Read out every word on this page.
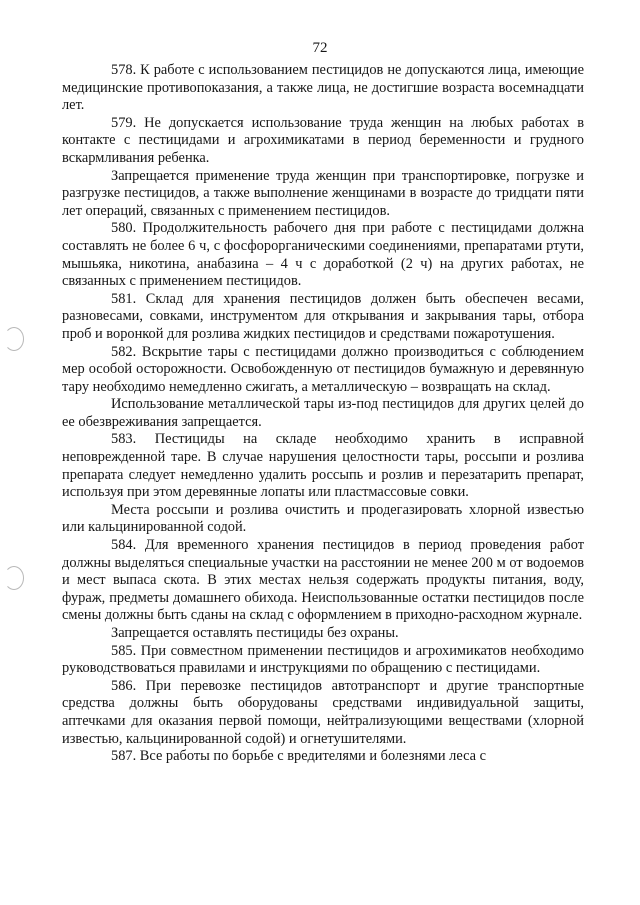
72

578. К работе с использованием пестицидов не допускаются лица, имеющие медицинские противопоказания, а также лица, не достигшие возраста восемнадцати лет.

579. Не допускается использование труда женщин на любых работах в контакте с пестицидами и агрохимикатами в период беременности и грудного вскармливания ребенка.

Запрещается применение труда женщин при транспортировке, погрузке и разгрузке пестицидов, а также выполнение женщинами в возрасте до тридцати пяти лет операций, связанных с применением пестицидов.

580. Продолжительность рабочего дня при работе с пестицидами должна составлять не более 6 ч, с фосфорорганическими соединениями, препаратами ртути, мышьяка, никотина, анабазина – 4 ч с доработкой (2 ч) на других работах, не связанных с применением пестицидов.

581. Склад для хранения пестицидов должен быть обеспечен весами, разновесами, совками, инструментом для открывания и закрывания тары, отбора проб и воронкой для розлива жидких пестицидов и средствами пожаротушения.

582. Вскрытие тары с пестицидами должно производиться с соблюдением мер особой осторожности. Освобожденную от пестицидов бумажную и деревянную тару необходимо немедленно сжигать, а металлическую – возвращать на склад.

Использование металлической тары из-под пестицидов для других целей до ее обезвреживания запрещается.

583. Пестициды на складе необходимо хранить в исправной неповрежденной таре. В случае нарушения целостности тары, россыпи и розлива препарата следует немедленно удалить россыпь и розлив и перезатарить препарат, используя при этом деревянные лопаты или пластмассовые совки.

Места россыпи и розлива очистить и продегазировать хлорной известью или кальцинированной содой.

584. Для временного хранения пестицидов в период проведения работ должны выделяться специальные участки на расстоянии не менее 200 м от водоемов и мест выпаса скота. В этих местах нельзя содержать продукты питания, воду, фураж, предметы домашнего обихода. Неиспользованные остатки пестицидов после смены должны быть сданы на склад с оформлением в приходно-расходном журнале.

Запрещается оставлять пестициды без охраны.

585. При совместном применении пестицидов и агрохимикатов необходимо руководствоваться правилами и инструкциями по обращению с пестицидами.

586. При перевозке пестицидов автотранспорт и другие транспортные средства должны быть оборудованы средствами индивидуальной защиты, аптечками для оказания первой помощи, нейтрализующими веществами (хлорной известью, кальцинированной содой) и огнетушителями.

587. Все работы по борьбе с вредителями и болезнями леса с
